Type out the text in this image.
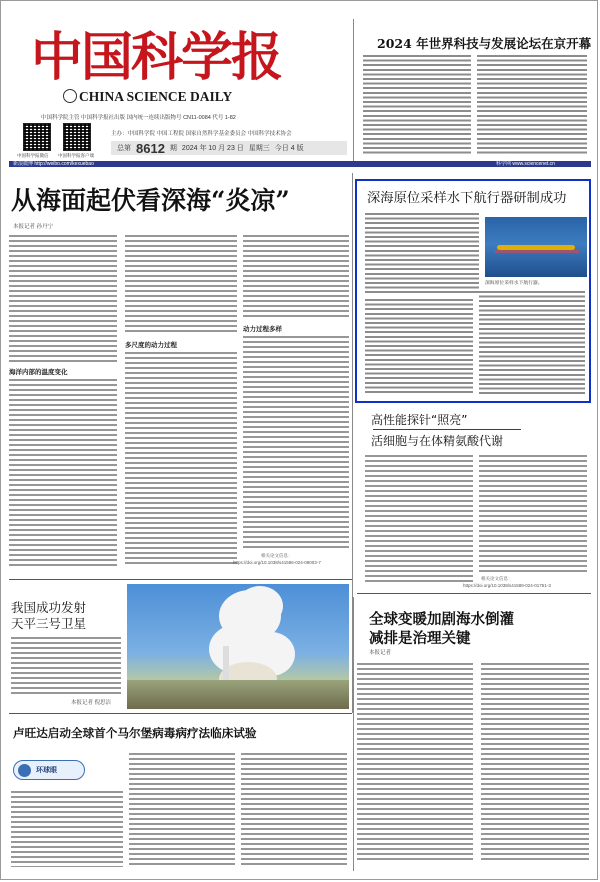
中国科学报
CHINA SCIENCE DAILY
中国科学院主管 中国科学报社出版 国内统一连续出版物号 CN11-0084 代号 1-82
中国科学报微信 中国科学报客户端
主办：中国科学院 中国工程院 国家自然科学基金委员会 中国科学技术协会
总第 8612 期 2024 年 10 月 23 日 星期三 今日 4 版
2024 年世界科技与发展论坛在京开幕
新浪微博 http://weibo.com/kexuebao	科学网 www.sciencenet.cn
从海面起伏看深海“炎凉”
本报记者 孙丹宁
海洋内部的温度变化
多尺度的动力过程
动力过程多样
相关论文信息：
https://doi.org/10.1038/s41586-024-08003-7
深海原位采样水下航行器研制成功
深海原位采样水下航行器。
高性能探针“照亮”
活细胞与在体精氨酸代谢
相关论文信息：
https://doi.org/10.1038/s41589-024-01751-3
我国成功发射
天平三号卫星
本报记者 倪思洁
全球变暖加剧海水倒灌
减排是治理关键
本报记者
卢旺达启动全球首个马尔堡病毒病疗法临床试验
环球眼
